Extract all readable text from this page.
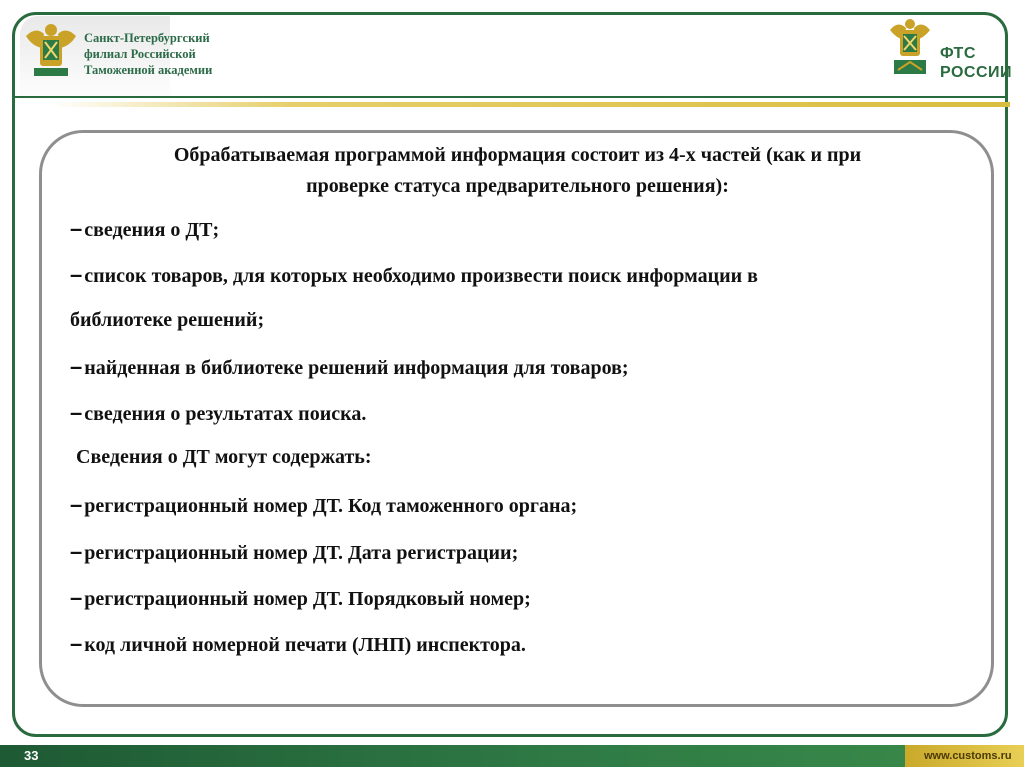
Санкт-Петербургский
филиал Российской
Таможенной академии
ФТС
РОССИИ
Обрабатываемая программой информация состоит из 4-х частей (как и при
проверке статуса предварительного решения):
– сведения о ДТ;
– список товаров, для которых необходимо произвести поиск информации в
библиотеке решений;
– найденная в библиотеке решений информация для товаров;
– сведения о результатах поиска.
Сведения о ДТ могут содержать:
– регистрационный номер ДТ. Код таможенного органа;
– регистрационный номер ДТ. Дата регистрации;
– регистрационный номер ДТ. Порядковый номер;
– код личной номерной печати (ЛНП) инспектора.
33	www.customs.ru
